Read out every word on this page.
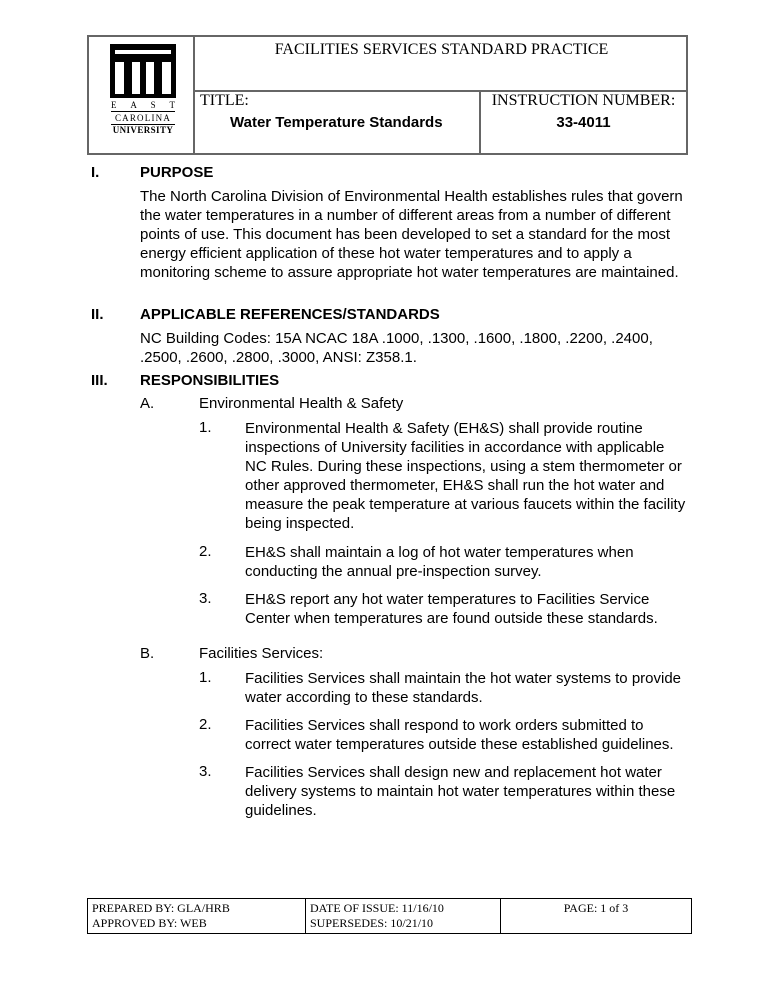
FACILITIES SERVICES STANDARD PRACTICE
TITLE:
Water Temperature Standards
INSTRUCTION NUMBER:
33-4011
E A S T
CAROLINA
UNIVERSITY
I.	PURPOSE
The North Carolina Division of Environmental Health establishes rules that govern the water temperatures in a number of different areas from a number of different points of use. This document has been developed to set a standard for the most energy efficient application of these hot water temperatures and to apply a monitoring scheme to assure appropriate hot water temperatures are maintained.
II. APPLICABLE REFERENCES/STANDARDS
NC Building Codes: 15A NCAC 18A .1000, .1300, .1600, .1800, .2200, .2400, .2500, .2600, .2800, .3000, ANSI: Z358.1.
III. RESPONSIBILITIES
A.	Environmental Health & Safety
1. Environmental Health & Safety (EH&S) shall provide routine inspections of University facilities in accordance with applicable NC Rules. During these inspections, using a stem thermometer or other approved thermometer, EH&S shall run the hot water and measure the peak temperature at various faucets within the facility being inspected.
2. EH&S shall maintain a log of hot water temperatures when conducting the annual pre-inspection survey.
3. EH&S report any hot water temperatures to Facilities Service Center when temperatures are found outside these standards.
B.	Facilities Services:
1. Facilities Services shall maintain the hot water systems to provide water according to these standards.
2. Facilities Services shall respond to work orders submitted to correct water temperatures outside these established guidelines.
3. Facilities Services shall design new and replacement hot water delivery systems to maintain hot water temperatures within these guidelines.
PREPARED BY: GLA/HRB
APPROVED BY: WEB
DATE OF ISSUE: 11/16/10
SUPERSEDES: 10/21/10
PAGE: 1 of 3
